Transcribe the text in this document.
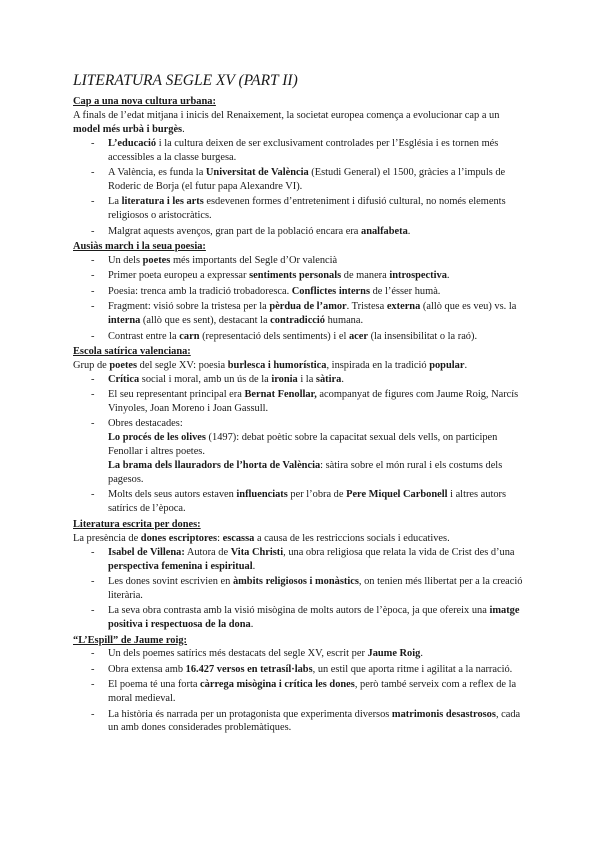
LITERATURA SEGLE XV (PART II)
Cap a una nova cultura urbana:

A finals de l’edat mitjana i inicis del Renaixement, la societat europea comença a evolucionar cap a un model més urbà i burgès.

- L’educació i la cultura deixen de ser exclusivament controlades per l’Església i es tornen més accessibles a la classe burgesa.
- A València, es funda la Universitat de València (Estudi General) el 1500, gràcies a l’impuls de Roderic de Borja (el futur papa Alexandre VI).
- La literatura i les arts esdevenen formes d’entreteniment i difusió cultural, no només elements religiosos o aristocràtics.
- Malgrat aquests avenços, gran part de la població encara era analfabeta.
Ausiàs march i la seua poesia:
- Un dels poetes més importants del Segle d’Or valencià
- Primer poeta europeu a expressar sentiments personals de manera introspectiva.
- Poesia: trenca amb la tradició trobadoresca. Conflictes interns de l’ésser humà.
- Fragment: visió sobre la tristesa per la pèrdua de l’amor. Tristesa externa (allò que es veu) vs. la interna (allò que es sent), destacant la contradicció humana.
- Contrast entre la carn (representació dels sentiments) i el acer (la insensibilitat o la raó).
Escola satírica valenciana:

Grup de poetes del segle XV: poesia burlesca i humorística, inspirada en la tradició popular.

- Crítica social i moral, amb un ús de la ironia i la sàtira.
- El seu representant principal era Bernat Fenollar, acompanyat de figures com Jaume Roig, Narcís Vinyoles, Joan Moreno i Joan Gassull.
- Obres destacades:
Lo procés de les olives (1497): debat poètic sobre la capacitat sexual dels vells, on participen Fenollar i altres poetes.
La brama dels llauradors de l’horta de València: sàtira sobre el món rural i els costums dels pagesos.
- Molts dels seus autors estaven influenciats per l’obra de Pere Miquel Carbonell i altres autors satírics de l’època.
Literatura escrita per dones:

La presència de dones escriptores: escassa a causa de les restriccions socials i educatives.

- Isabel de Villena: Autora de Vita Christi, una obra religiosa que relata la vida de Crist des d’una perspectiva femenina i espiritual.
- Les dones sovint escrivien en àmbits religiosos i monàstics, on tenien més llibertat per a la creació literària.
- La seva obra contrasta amb la visió misògina de molts autors de l’època, ja que ofereix una imatge positiva i respectuosa de la dona.
“L’Espill” de Jaume roig:
- Un dels poemes satírics més destacats del segle XV, escrit per Jaume Roig.
- Obra extensa amb 16.427 versos en tetrasíl·labs, un estil que aporta ritme i agilitat a la narració.
- El poema té una forta càrrega misògina i crítica les dones, però també serveix com a reflex de la moral medieval.
- La història és narrada per un protagonista que experimenta diversos matrimonis desastrosos, cada un amb dones considerades problemàtiques.
